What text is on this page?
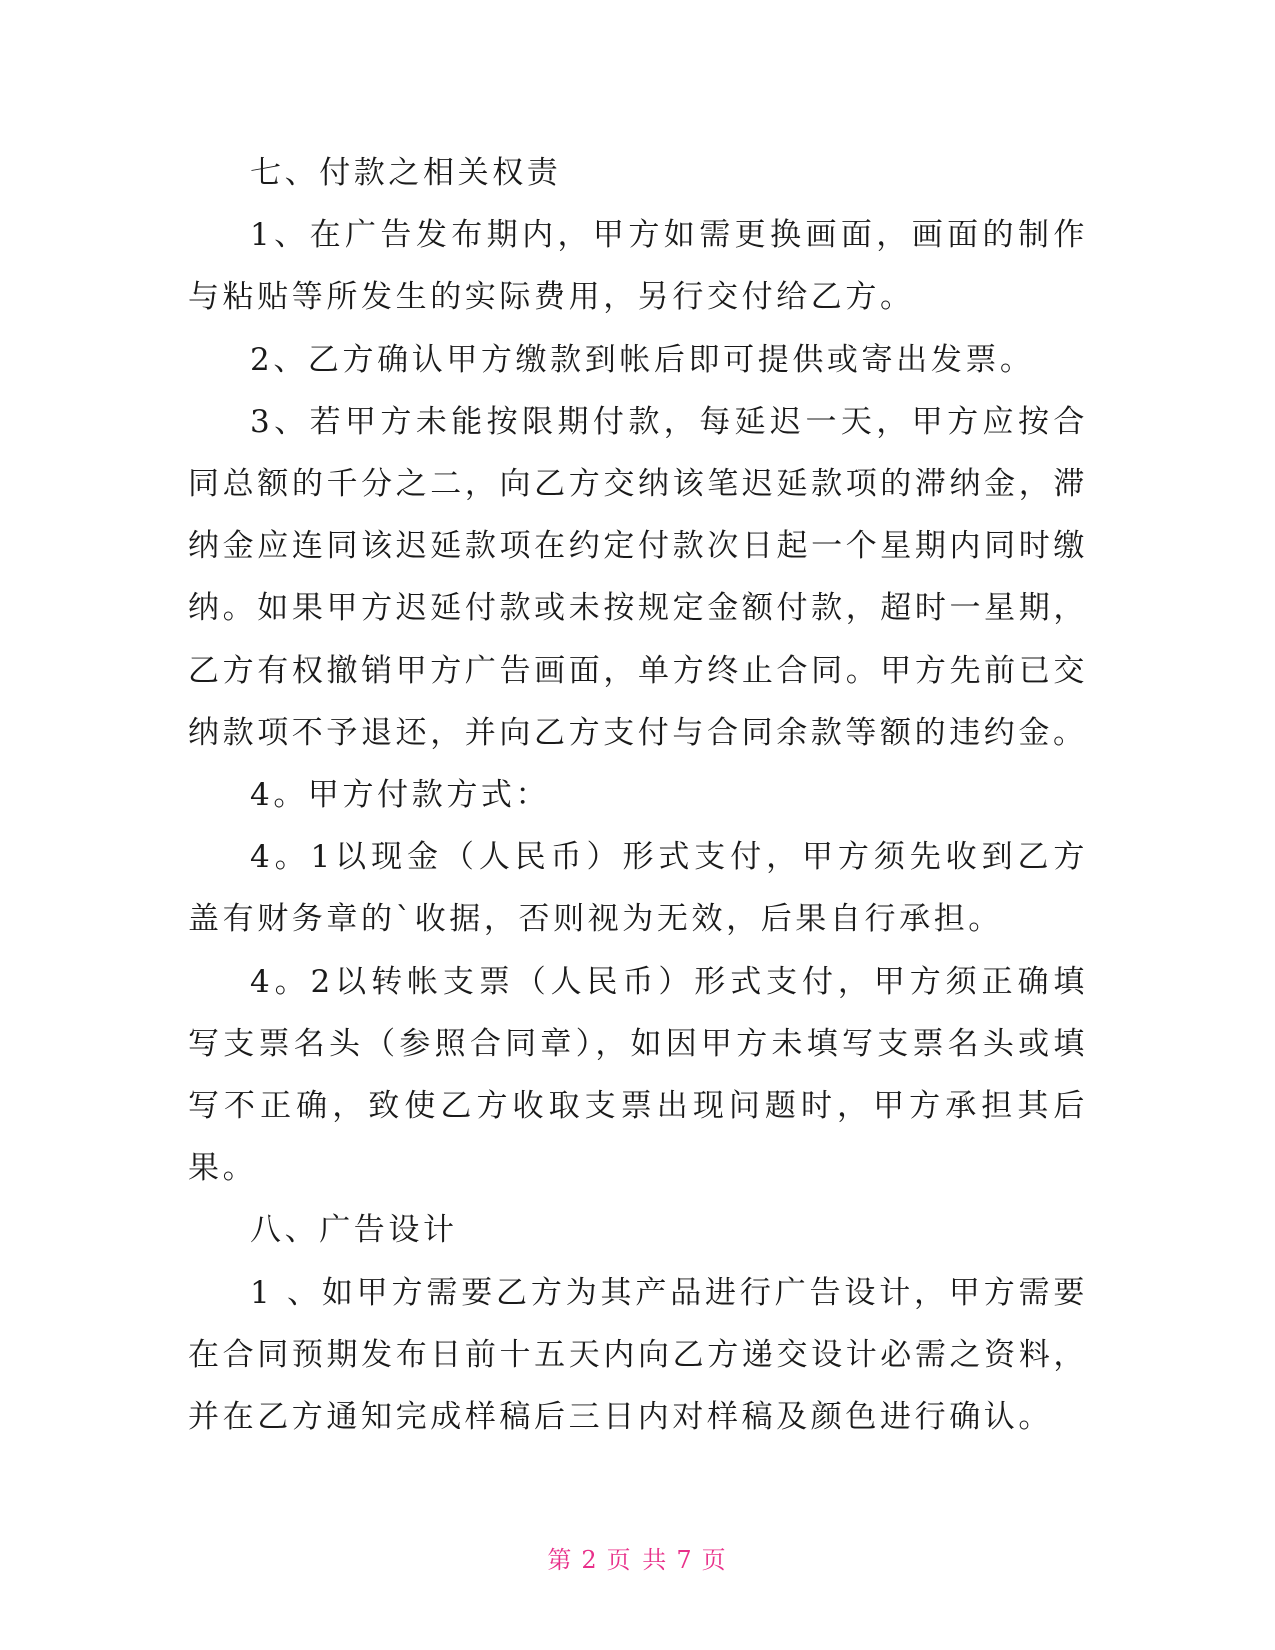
七、付款之相关权责

1、在广告发布期内，甲方如需更换画面，画面的制作与粘贴等所发生的实际费用，另行交付给乙方。

2、乙方确认甲方缴款到帐后即可提供或寄出发票。

3、若甲方未能按限期付款，每延迟一天，甲方应按合同总额的千分之二，向乙方交纳该笔迟延款项的滞纳金，滞纳金应连同该迟延款项在约定付款次日起一个星期内同时缴纳。如果甲方迟延付款或未按规定金额付款，超时一星期，乙方有权撤销甲方广告画面，单方终止合同。甲方先前已交纳款项不予退还，并向乙方支付与合同余款等额的违约金。

4。甲方付款方式：

4。1以现金（人民币）形式支付，甲方须先收到乙方盖有财务章的`收据，否则视为无效，后果自行承担。

4。2以转帐支票（人民币）形式支付，甲方须正确填写支票名头（参照合同章），如因甲方未填写支票名头或填写不正确，致使乙方收取支票出现问题时，甲方承担其后果。

八、广告设计

1 、如甲方需要乙方为其产品进行广告设计，甲方需要在合同预期发布日前十五天内向乙方递交设计必需之资料，并在乙方通知完成样稿后三日内对样稿及颜色进行确认。

第 2 页 共 7 页
